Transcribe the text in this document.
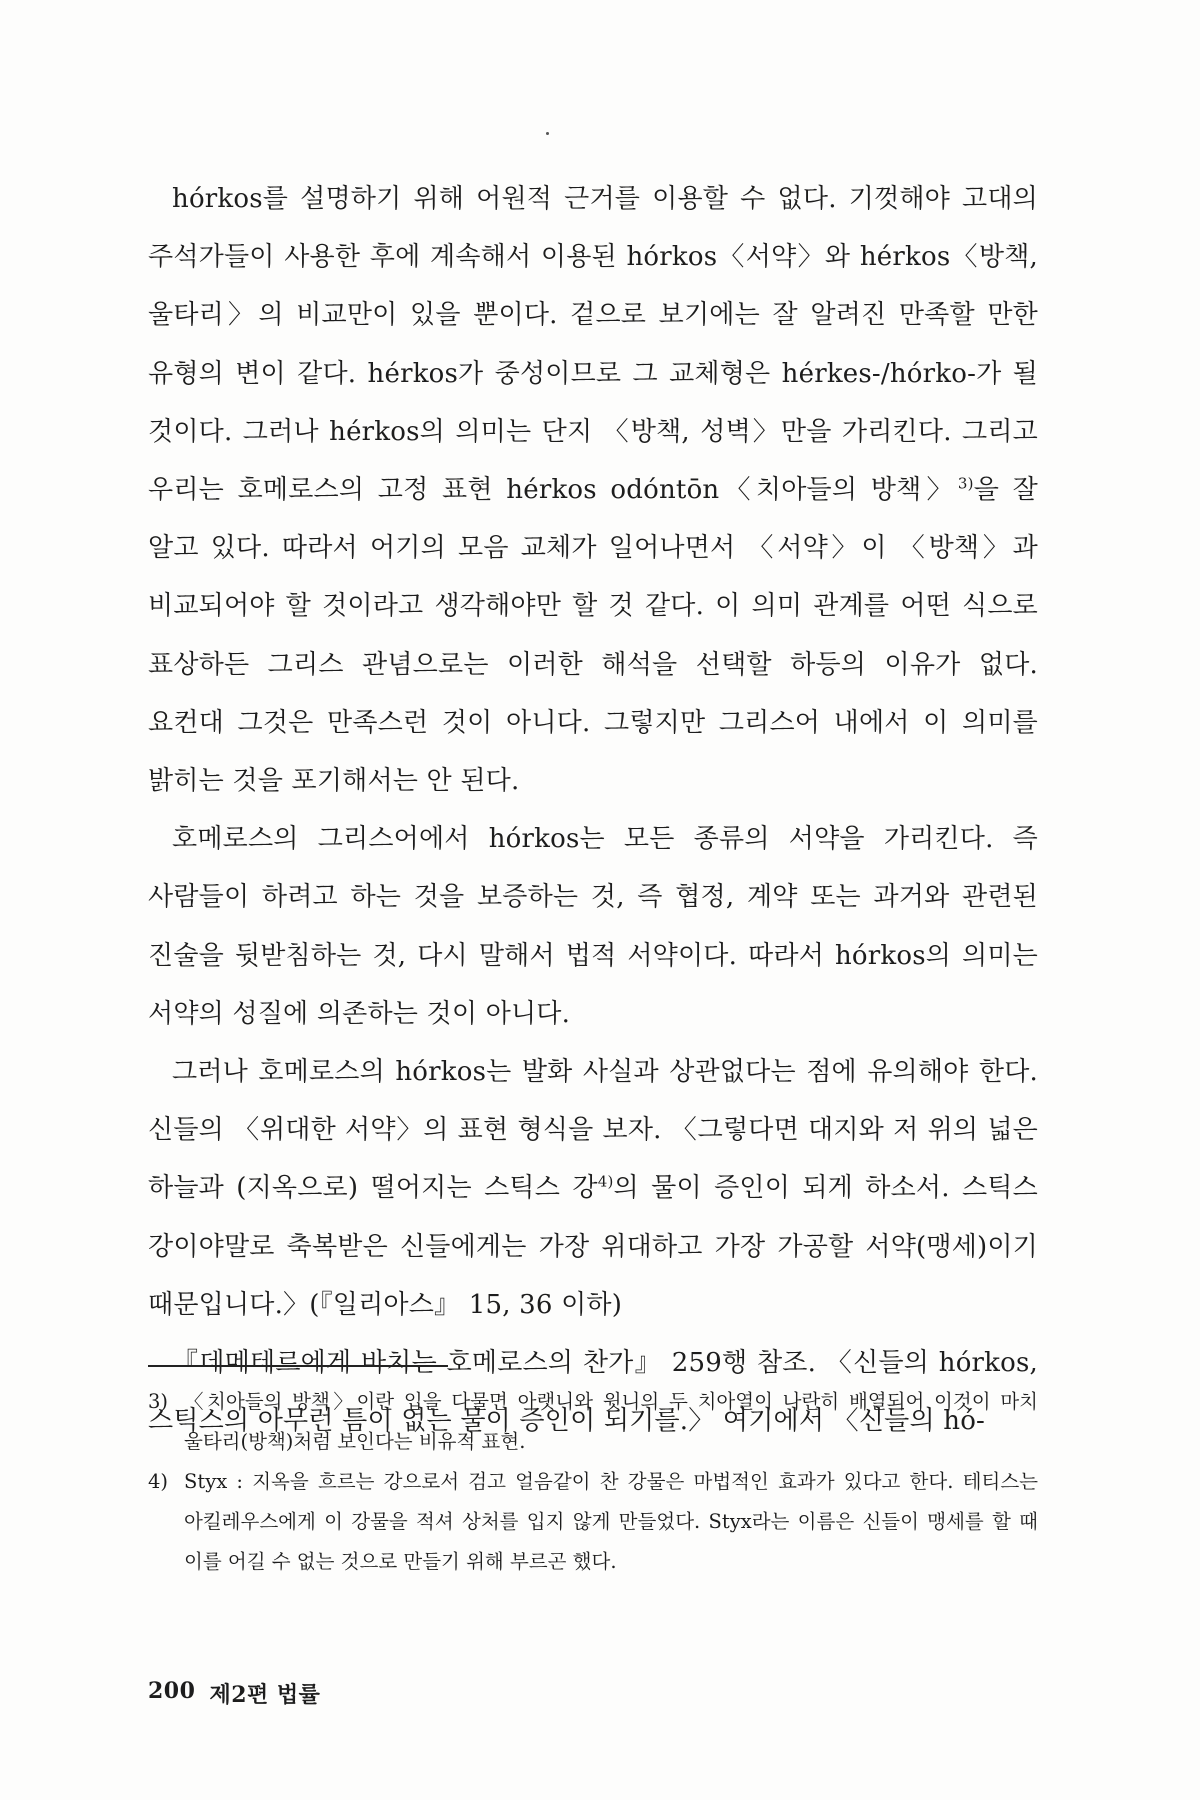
hórkos를 설명하기 위해 어원적 근거를 이용할 수 없다. 기껏해야 고대의 주석가들이 사용한 후에 계속해서 이용된 hórkos〈서약〉와 hérkos〈방책, 울타리〉의 비교만이 있을 뿐이다. 겉으로 보기에는 잘 알려진 만족할 만한 유형의 변이 같다. hérkos가 중성이므로 그 교체형은 hérkes-/hórko-가 될 것이다. 그러나 hérkos의 의미는 단지 〈방책, 성벽〉만을 가리킨다. 그리고 우리는 호메로스의 고정 표현 hérkos odóntōn〈치아들의 방책〉$^{3)}$을 잘 알고 있다. 따라서 어기의 모음 교체가 일어나면서 〈서약〉이 〈방책〉과 비교되어야 할 것이라고 생각해야만 할 것 같다. 이 의미 관계를 어떤 식으로 표상하든 그리스 관념으로는 이러한 해석을 선택할 하등의 이유가 없다. 요컨대 그것은 만족스런 것이 아니다. 그렇지만 그리스어 내에서 이 의미를 밝히는 것을 포기해서는 안 된다.

호메로스의 그리스어에서 hórkos는 모든 종류의 서약을 가리킨다. 즉 사람들이 하려고 하는 것을 보증하는 것, 즉 협정, 계약 또는 과거와 관련된 진술을 뒷받침하는 것, 다시 말해서 법적 서약이다. 따라서 hórkos의 의미는 서약의 성질에 의존하는 것이 아니다.

그러나 호메로스의 hórkos는 발화 사실과 상관없다는 점에 유의해야 한다. 신들의 〈위대한 서약〉의 표현 형식을 보자. 〈그렇다면 대지와 저 위의 넓은 하늘과 (지옥으로) 떨어지는 스틱스 강$^{4)}$의 물이 증인이 되게 하소서. 스틱스 강이야말로 축복받은 신들에게는 가장 위대하고 가장 가공할 서약(맹세)이기 때문입니다.〉(『일리아스』 15, 36 이하)

『데메테르에게 바치는 호메로스의 찬가』 259행 참조. 〈신들의 hórkos, 스틱스의 아무런 틈이 없는 물이 증인이 되기를.〉 여기에서 〈신들의 hó-

3) 〈치아들의 방책〉이란 입을 다물면 아랫니와 윗니의 두 치아열이 나란히 배열되어 이것이 마치 울타리(방책)처럼 보인다는 비유적 표현.
4) Styx : 지옥을 흐르는 강으로서 검고 얼음같이 찬 강물은 마법적인 효과가 있다고 한다. 테티스는 아킬레우스에게 이 강물을 적셔 상처를 입지 않게 만들었다. Styx라는 이름은 신들이 맹세를 할 때 이를 어길 수 없는 것으로 만들기 위해 부르곤 했다.
200 제2편 법률
